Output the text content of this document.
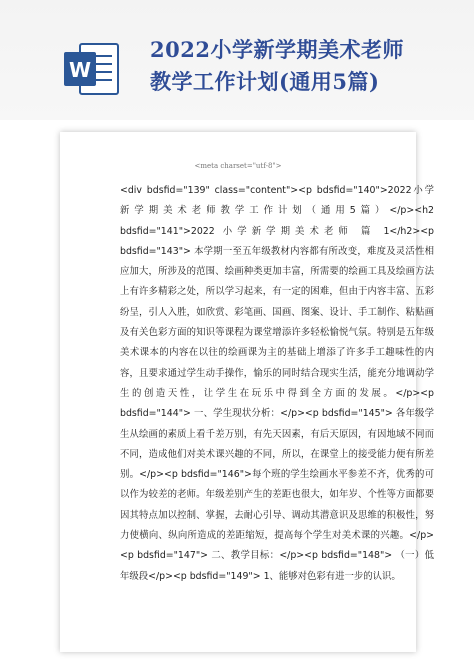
W
2022小学新学期美术老师
教学工作计划(通用5篇)
<meta charset="utf-8">
<div bdsfid="139" class="content"><p bdsfid="140">2022小学新学期美术老师教学工作计划（通用5篇）</p><h2 bdsfid="141">2022 小学新学期美术老师 篇 1</h2><p bdsfid="143"> 本学期一至五年级教材内容都有所改变，难度及灵活性相应加大，所涉及的范围、绘画种类更加丰富，所需要的绘画工具及绘画方法上有许多精彩之处，所以学习起来，有一定的困难，但由于内容丰富、五彩纷呈，引人入胜，如欣赏、彩笔画、国画、图案、设计、手工制作、粘贴画及有关色彩方面的知识等课程为课堂增添许多轻松愉悦气氛。特别是五年级美术课本的内容在以往的绘画课为主的基础上增添了许多手工趣味性的内容，且要求通过学生动手操作，愉乐的同时结合现实生活，能充分地调动学生的创造天性，让学生在玩乐中得到全方面的发展。</p><p bdsfid="144"> 一、学生现状分析：</p><p bdsfid="145"> 各年级学生从绘画的素质上看千差万别，有先天因素，有后天原因，有因地域不同而不同，造成他们对美术课兴趣的不同，所以，在课堂上的接受能力便有所差别。</p><p bdsfid="146">每个班的学生绘画水平参差不齐，优秀的可以作为较差的老师。年级差别产生的差距也很大，如年岁、个性等方面都要因其特点加以控制、掌握，去耐心引导、调动其潜意识及思维的积极性，努力使横向、纵向所造成的差距缩短，提高每个学生对美术课的兴趣。</p><p bdsfid="147"> 二、教学目标：</p><p bdsfid="148"> （一）低年级段</p><p bdsfid="149"> 1、能够对色彩有进一步的认识。
